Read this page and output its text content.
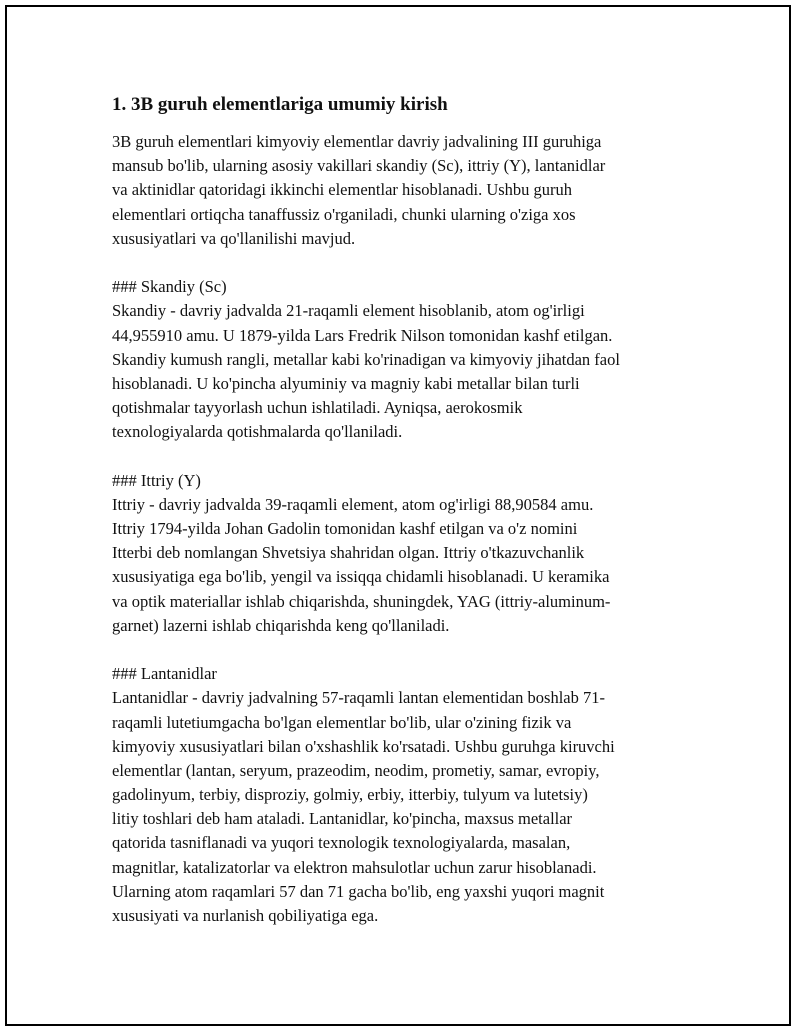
1. 3B guruh elementlariga umumiy kirish

3B guruh elementlari kimyoviy elementlar davriy jadvalining III guruhiga

mansub bo'lib, ularning asosiy vakillari skandiy (Sc), ittriy (Y), lantanidlar

va aktinidlar qatoridagi ikkinchi elementlar hisoblanadi. Ushbu guruh

elementlari ortiqcha tanaffussiz o'rganiladi, chunki ularning o'ziga xos

xususiyatlari va qo'llanilishi mavjud.

### Skandiy (Sc)

Skandiy - davriy jadvalda 21-raqamli element hisoblanib, atom og'irligi

44,955910 amu. U 1879-yilda Lars Fredrik Nilson tomonidan kashf etilgan.

Skandiy kumush rangli, metallar kabi ko'rinadigan va kimyoviy jihatdan faol

hisoblanadi. U ko'pincha alyuminiy va magniy kabi metallar bilan turli

qotishmalar tayyorlash uchun ishlatiladi. Ayniqsa, aerokosmik

texnologiyalarda qotishmalarda qo'llaniladi.

### Ittriy (Y)

Ittriy - davriy jadvalda 39-raqamli element, atom og'irligi 88,90584 amu.

Ittriy 1794-yilda Johan Gadolin tomonidan kashf etilgan va o'z nomini

Itterbi deb nomlangan Shvetsiya shahridan olgan. Ittriy o'tkazuvchanlik

xususiyatiga ega bo'lib, yengil va issiqqa chidamli hisoblanadi. U keramika

va optik materiallar ishlab chiqarishda, shuningdek, YAG (ittriy-aluminum-

garnet) lazerni ishlab chiqarishda keng qo'llaniladi.

### Lantanidlar

Lantanidlar - davriy jadvalning 57-raqamli lantan elementidan boshlab 71-

raqamli lutetiumgacha bo'lgan elementlar bo'lib, ular o'zining fizik va

kimyoviy xususiyatlari bilan o'xshashlik ko'rsatadi. Ushbu guruhga kiruvchi

elementlar (lantan, seryum, prazeodim, neodim, prometiy, samar, evropiy,

gadolinyum, terbiy, disproziy, golmiy, erbiy, itterbiy, tulyum va lutetsiy)

litiy toshlari deb ham ataladi. Lantanidlar, ko'pincha, maxsus metallar

qatorida tasniflanadi va yuqori texnologik texnologiyalarda, masalan,

magnitlar, katalizatorlar va elektron mahsulotlar uchun zarur hisoblanadi.

Ularning atom raqamlari 57 dan 71 gacha bo'lib, eng yaxshi yuqori magnit

xususiyati va nurlanish qobiliyatiga ega.
